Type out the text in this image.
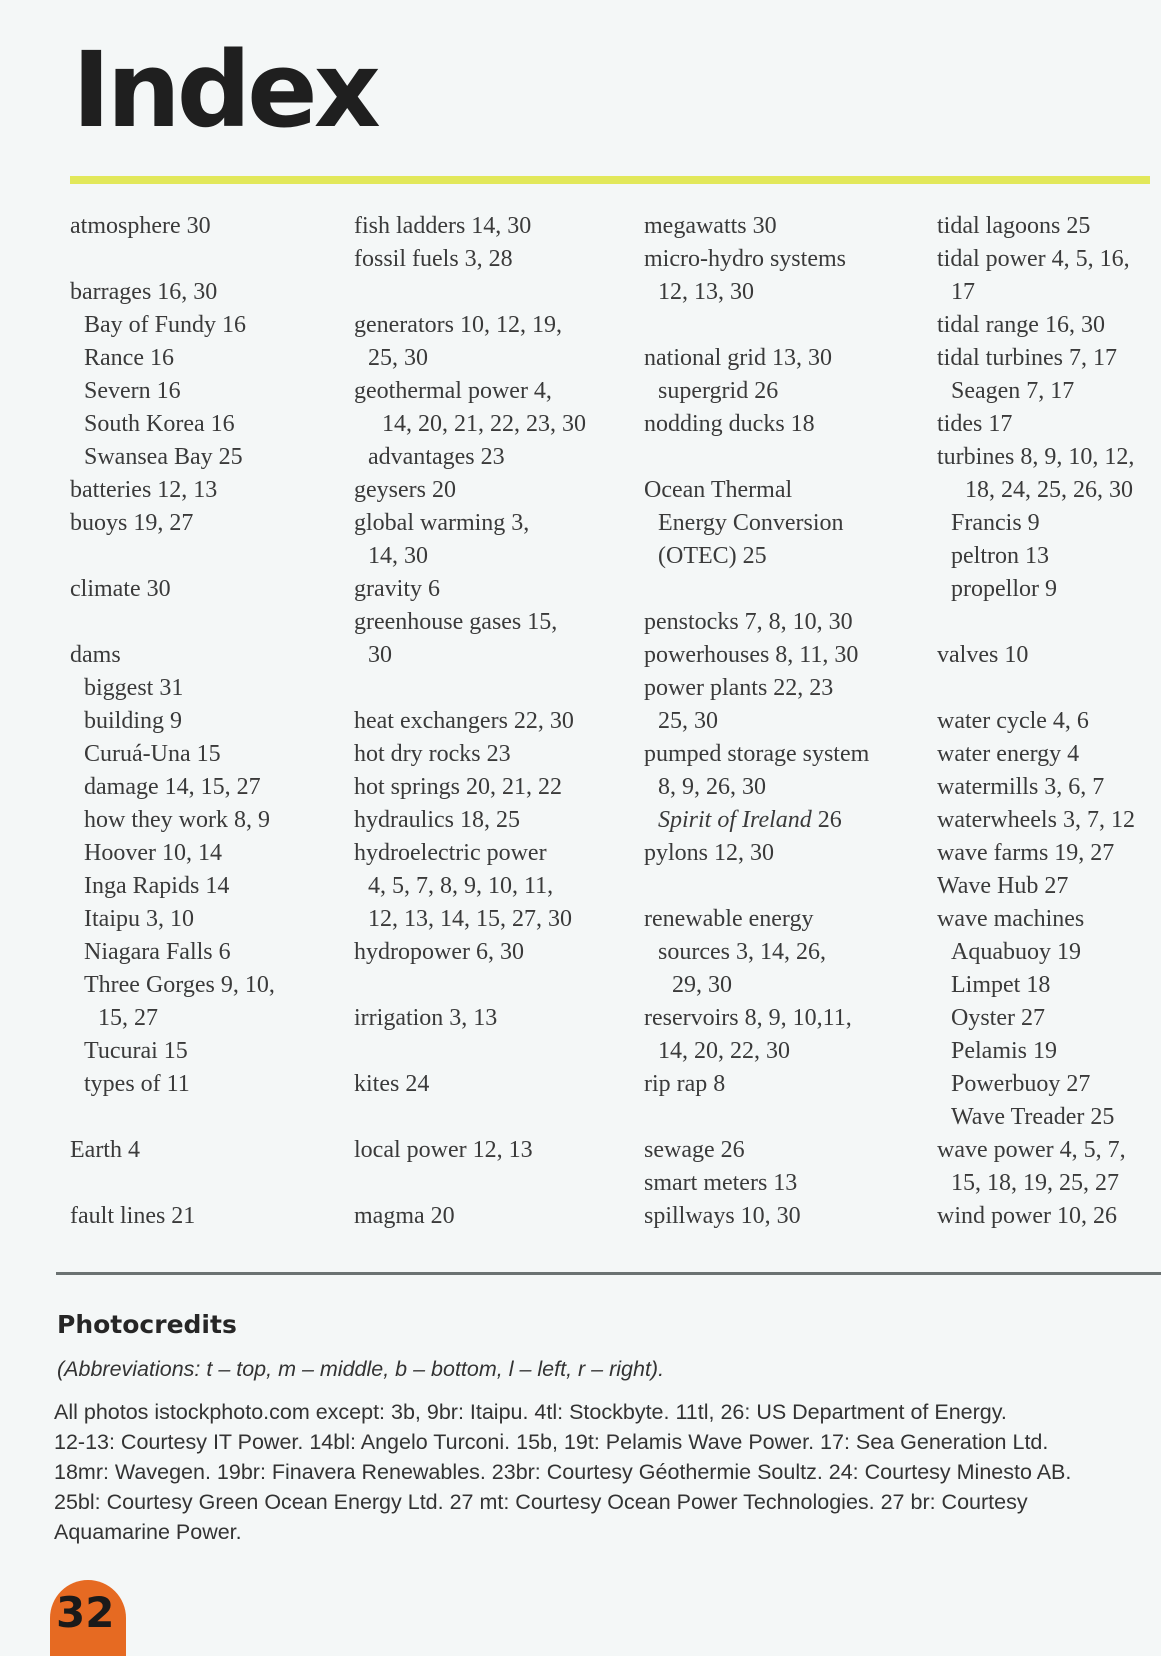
Index
atmosphere 30
barrages 16, 30
Bay of Fundy 16
Rance 16
Severn 16
South Korea 16
Swansea Bay 25
batteries 12, 13
buoys 19, 27
climate 30
dams
biggest 31
building 9
Curuá-Una 15
damage 14, 15, 27
how they work 8, 9
Hoover 10, 14
Inga Rapids 14
Itaipu 3, 10
Niagara Falls 6
Three Gorges 9, 10,
15, 27
Tucurai 15
types of 11
Earth 4
fault lines 21
fish ladders 14, 30
fossil fuels 3, 28
generators 10, 12, 19,
25, 30
geothermal power 4,
14, 20, 21, 22, 23, 30
advantages 23
geysers 20
global warming 3,
14, 30
gravity 6
greenhouse gases 15,
30
heat exchangers 22, 30
hot dry rocks 23
hot springs 20, 21, 22
hydraulics 18, 25
hydroelectric power
4, 5, 7, 8, 9, 10, 11,
12, 13, 14, 15, 27, 30
hydropower 6, 30
irrigation 3, 13
kites 24
local power 12, 13
magma 20
megawatts 30
micro-hydro systems
12, 13, 30
national grid 13, 30
supergrid 26
nodding ducks 18
Ocean Thermal
Energy Conversion
(OTEC) 25
penstocks 7, 8, 10, 30
powerhouses 8, 11, 30
power plants 22, 23
25, 30
pumped storage system
8, 9, 26, 30
Spirit of Ireland 26
pylons 12, 30
renewable energy
sources 3, 14, 26,
29, 30
reservoirs 8, 9, 10,11,
14, 20, 22, 30
rip rap 8
sewage 26
smart meters 13
spillways 10, 30
tidal lagoons 25
tidal power 4, 5, 16,
17
tidal range 16, 30
tidal turbines 7, 17
Seagen 7, 17
tides 17
turbines 8, 9, 10, 12,
18, 24, 25, 26, 30
Francis 9
peltron 13
propellor 9
valves 10
water cycle 4, 6
water energy 4
watermills 3, 6, 7
waterwheels 3, 7, 12
wave farms 19, 27
Wave Hub 27
wave machines
Aquabuoy 19
Limpet 18
Oyster 27
Pelamis 19
Powerbuoy 27
Wave Treader 25
wave power 4, 5, 7,
15, 18, 19, 25, 27
wind power 10, 26
Photocredits
(Abbreviations: t – top, m – middle, b – bottom, l – left, r – right).
All photos istockphoto.com except: 3b, 9br: Itaipu. 4tl: Stockbyte. 11tl, 26: US Department of Energy.
12-13: Courtesy IT Power. 14bl: Angelo Turconi. 15b, 19t: Pelamis Wave Power. 17: Sea Generation Ltd.
18mr: Wavegen. 19br: Finavera Renewables. 23br: Courtesy Géothermie Soultz. 24: Courtesy Minesto AB.
25bl: Courtesy Green Ocean Energy Ltd. 27 mt: Courtesy Ocean Power Technologies. 27 br: Courtesy
Aquamarine Power.
32
